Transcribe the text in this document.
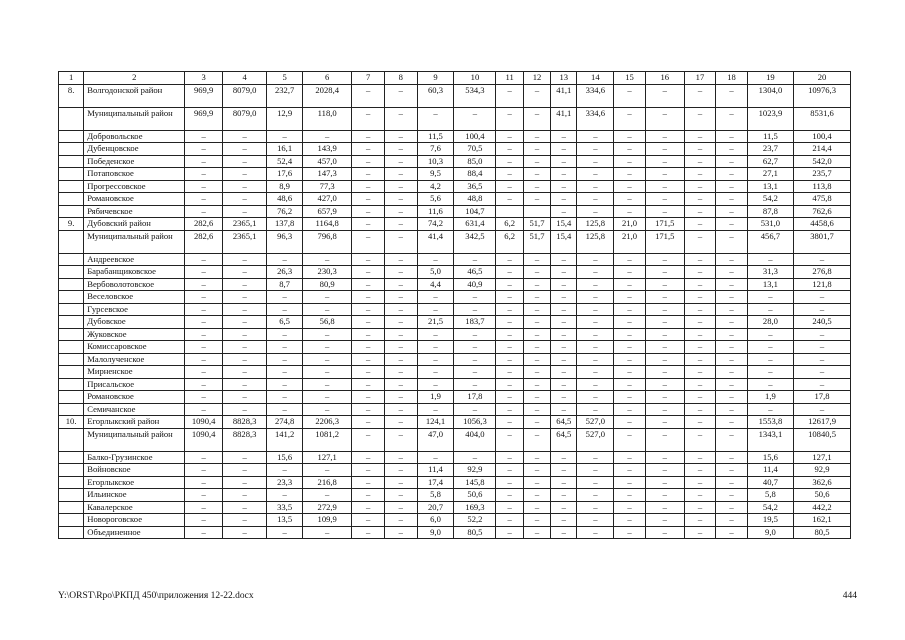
1	2	3	4	5	6	7	8	9	10	11	12	13	14	15	16	17	18	19	20
8.	Волгодонской район	969,9	8079,0	232,7	2028,4	–	–	60,3	534,3	–	–	41,1	334,6	–	–	–	–	1304,0	10976,3
	Муниципальный район	969,9	8079,0	12,9	118,0	–	–	–	–	–	–	41,1	334,6	–	–	–	–	1023,9	8531,6
	Добровольское	–	–	–	–	–	–	11,5	100,4	–	–	–	–	–	–	–	–	11,5	100,4
	Дубенцовское	–	–	16,1	143,9	–	–	7,6	70,5	–	–	–	–	–	–	–	–	23,7	214,4
	Победенское	–	–	52,4	457,0	–	–	10,3	85,0	–	–	–	–	–	–	–	–	62,7	542,0
	Потаповское	–	–	17,6	147,3	–	–	9,5	88,4	–	–	–	–	–	–	–	–	27,1	235,7
	Прогрессовское	–	–	8,9	77,3	–	–	4,2	36,5	–	–	–	–	–	–	–	–	13,1	113,8
	Романовское	–	–	48,6	427,0	–	–	5,6	48,8	–	–	–	–	–	–	–	–	54,2	475,8
	Рябичевское	–	–	76,2	657,9	–	–	11,6	104,7			–	–	–	–	–	–	87,8	762,6
9.	Дубовский район	282,6	2365,1	137,8	1164,8	–	–	74,2	631,4	6,2	51,7	15,4	125,8	21,0	171,5	–	–	531,0	4458,6
	Муниципальный район	282,6	2365,1	96,3	796,8	–	–	41,4	342,5	6,2	51,7	15,4	125,8	21,0	171,5	–	–	456,7	3801,7
	Андреевское	–	–	–	–	–	–	–	–	–	–	–	–	–	–	–	–	–	–
	Барабанщиковское	–	–	26,3	230,3	–	–	5,0	46,5	–	–	–	–	–	–	–	–	31,3	276,8
	Вербоволотовское	–	–	8,7	80,9	–	–	4,4	40,9	–	–	–	–	–	–	–	–	13,1	121,8
	Веселовское	–	–	–	–	–	–	–	–	–	–	–	–	–	–	–	–	–	–
	Гурсевское	–	–	–	–	–	–	–	–	–	–	–	–	–	–	–	–	–	–
	Дубовское	–	–	6,5	56,8	–	–	21,5	183,7	–	–	–	–	–	–	–	–	28,0	240,5
	Жуковское	–	–	–	–	–	–	–	–	–	–	–	–	–	–	–	–	–	–
	Комиссаровское	–	–	–	–	–	–	–	–	–	–	–	–	–	–	–	–	–	–
	Малолученское	–	–	–	–	–	–	–	–	–	–	–	–	–	–	–	–	–	–
	Мирненское	–	–	–	–	–	–	–	–	–	–	–	–	–	–	–	–	–	–
	Присальское	–	–	–	–	–	–	–	–	–	–	–	–	–	–	–	–	–	–
	Романовское	–	–	–	–	–	–	1,9	17,8	–	–	–	–	–	–	–	–	1,9	17,8
	Семичанское	–	–	–	–	–	–	–	–	–	–	–	–	–	–	–	–	–	–
10.	Егорлыкский район	1090,4	8828,3	274,8	2206,3	–	–	124,1	1056,3	–	–	64,5	527,0	–	–	–	–	1553,8	12617,9
	Муниципальный район	1090,4	8828,3	141,2	1081,2	–	–	47,0	404,0	–	–	64,5	527,0	–	–	–	–	1343,1	10840,5
	Балко-Грузинское	–	–	15,6	127,1	–	–	–	–	–	–	–	–	–	–	–	–	15,6	127,1
	Войновское	–	–	–	–	–	–	11,4	92,9	–	–	–	–	–	–	–	–	11,4	92,9
	Егорлыкское	–	–	23,3	216,8	–	–	17,4	145,8	–	–	–	–	–	–	–	–	40,7	362,6
	Ильинское	–	–	–	–	–	–	5,8	50,6	–	–	–	–	–	–	–	–	5,8	50,6
	Кавалерское	–	–	33,5	272,9	–	–	20,7	169,3	–	–	–	–	–	–	–	–	54,2	442,2
	Новороговское	–	–	13,5	109,9	–	–	6,0	52,2	–	–	–	–	–	–	–	–	19,5	162,1
	Объединенное	–	–	–	–	–	–	9,0	80,5	–	–	–	–	–	–	–	–	9,0	80,5
Y:\ORST\Rpo\РКПД 450\приложения 12-22.docx	444
